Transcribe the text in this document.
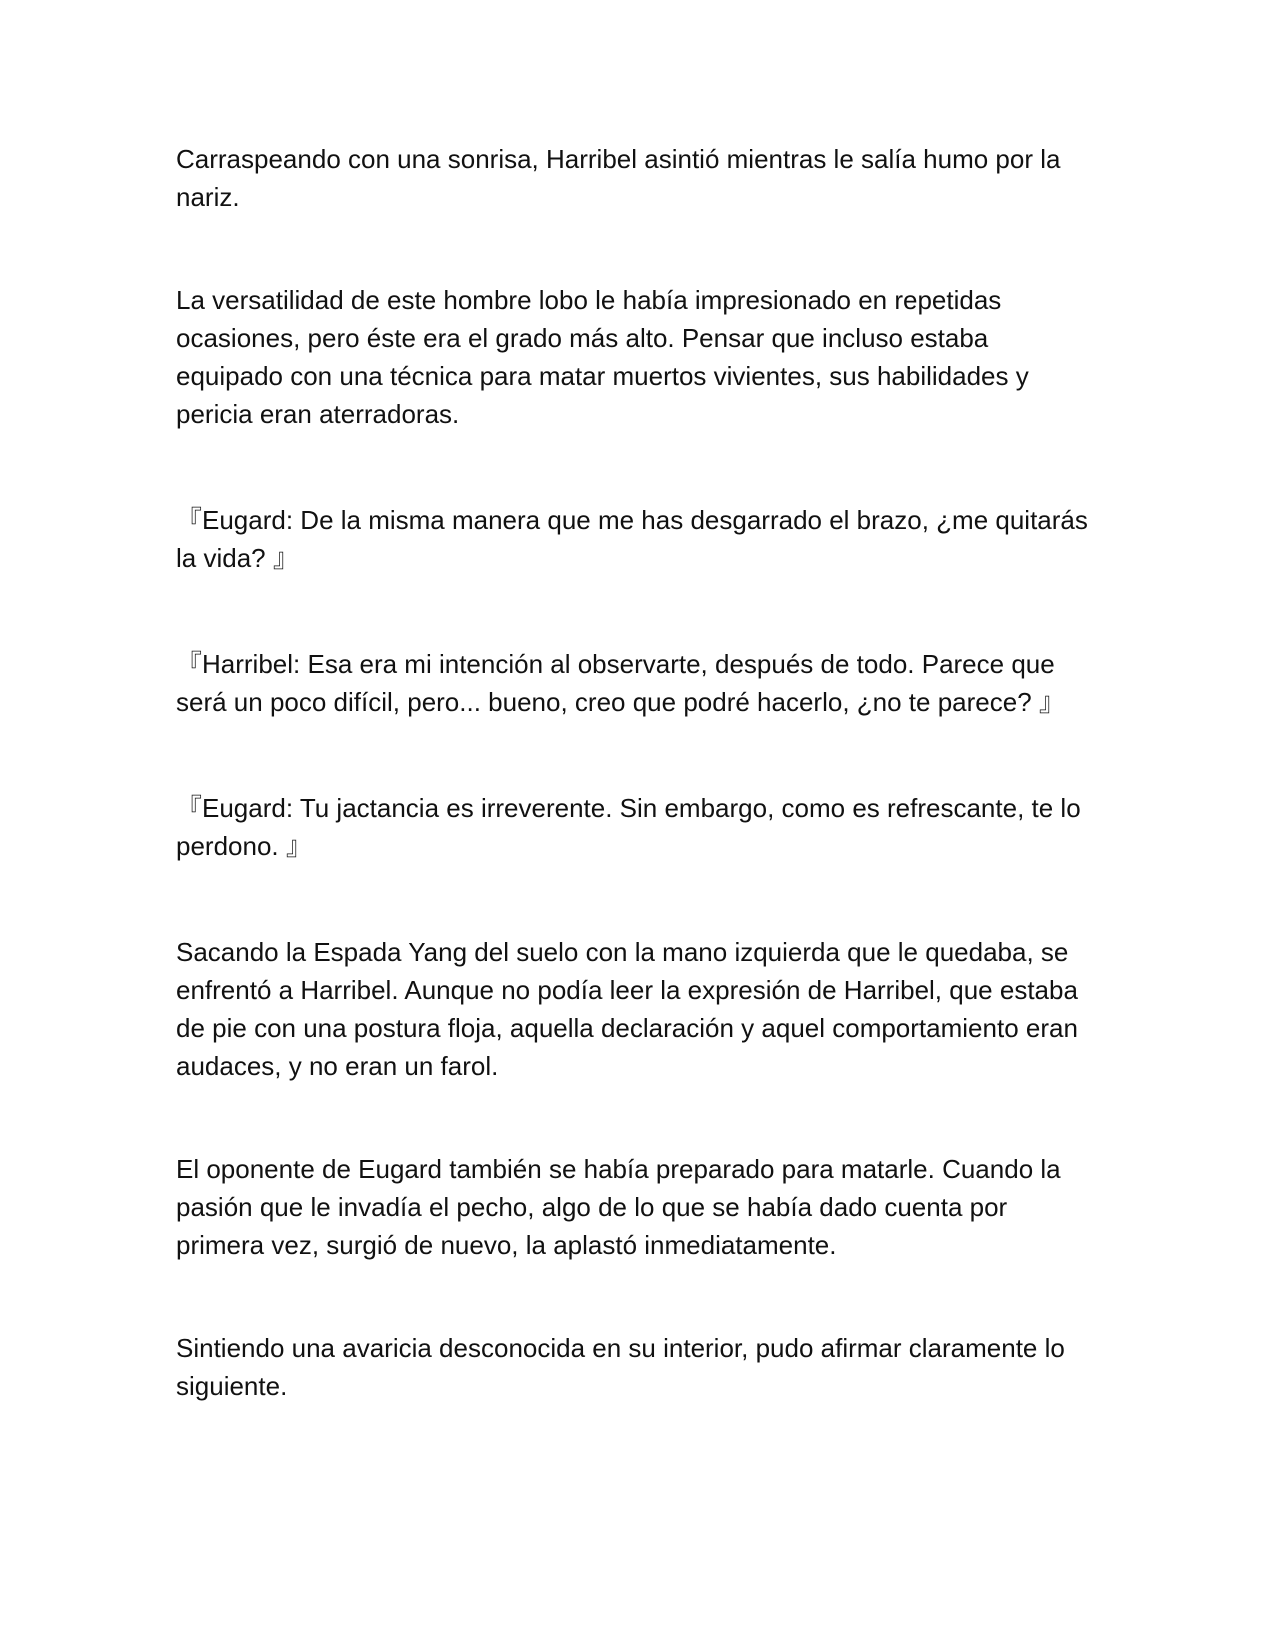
Carraspeando con una sonrisa, Harribel asintió mientras le salía humo por la nariz.

La versatilidad de este hombre lobo le había impresionado en repetidas ocasiones, pero éste era el grado más alto. Pensar que incluso estaba equipado con una técnica para matar muertos vivientes, sus habilidades y pericia eran aterradoras.

『Eugard: De la misma manera que me has desgarrado el brazo, ¿me quitarás la vida? 』

『Harribel: Esa era mi intención al observarte, después de todo. Parece que será un poco difícil, pero... bueno, creo que podré hacerlo, ¿no te parece? 』

『Eugard: Tu jactancia es irreverente. Sin embargo, como es refrescante, te lo perdono. 』

Sacando la Espada Yang del suelo con la mano izquierda que le quedaba, se enfrentó a Harribel. Aunque no podía leer la expresión de Harribel, que estaba de pie con una postura floja, aquella declaración y aquel comportamiento eran audaces, y no eran un farol.

El oponente de Eugard también se había preparado para matarle. Cuando la pasión que le invadía el pecho, algo de lo que se había dado cuenta por primera vez, surgió de nuevo, la aplastó inmediatamente.

Sintiendo una avaricia desconocida en su interior, pudo afirmar claramente lo siguiente.
